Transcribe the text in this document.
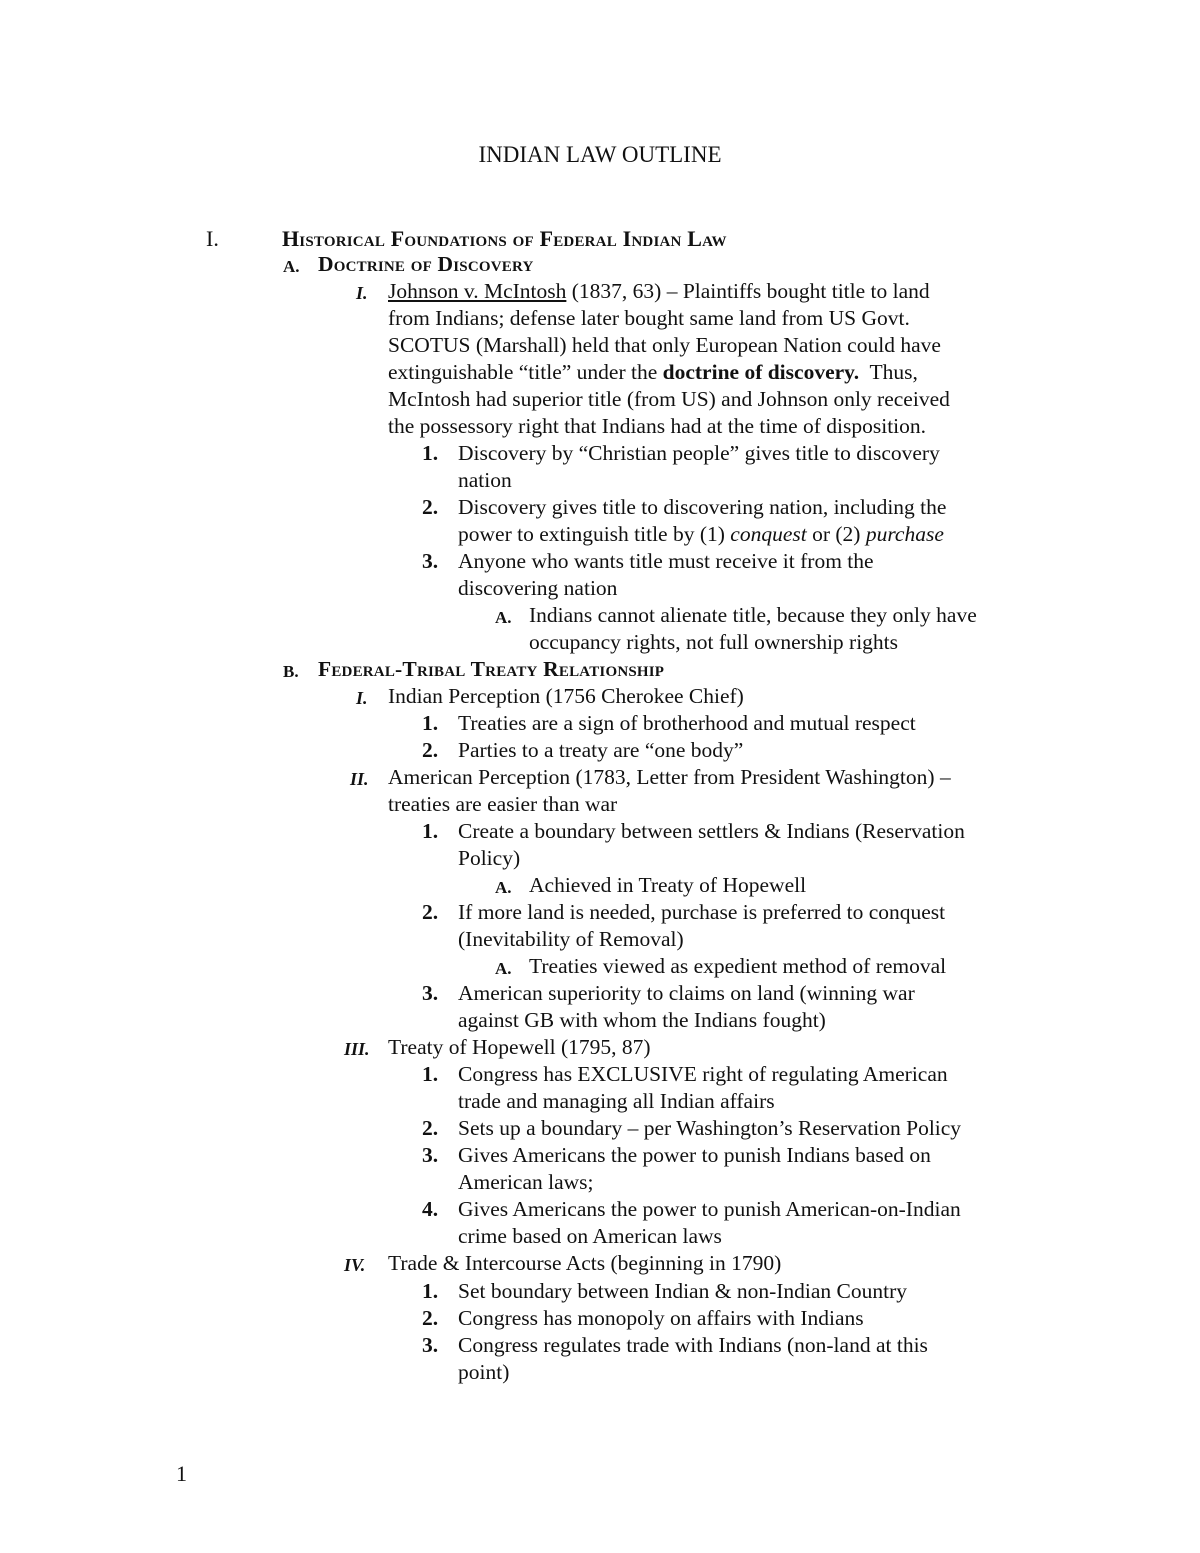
INDIAN LAW OUTLINE
I.	Historical Foundations of Federal Indian Law
A. Doctrine of Discovery
I. Johnson v. McIntosh (1837, 63) – Plaintiffs bought title to land
from Indians; defense later bought same land from US Govt.
SCOTUS (Marshall) held that only European Nation could have
extinguishable “title” under the doctrine of discovery.  Thus,
McIntosh had superior title (from US) and Johnson only received
the possessory right that Indians had at the time of disposition.
1. Discovery by “Christian people” gives title to discovery
nation
2. Discovery gives title to discovering nation, including the
power to extinguish title by (1) conquest or (2) purchase
3. Anyone who wants title must receive it from the
discovering nation
A. Indians cannot alienate title, because they only have
occupancy rights, not full ownership rights
B. Federal-Tribal Treaty Relationship
I. Indian Perception (1756 Cherokee Chief)
1. Treaties are a sign of brotherhood and mutual respect
2. Parties to a treaty are “one body”
II. American Perception (1783, Letter from President Washington) –
treaties are easier than war
1. Create a boundary between settlers & Indians (Reservation
Policy)
A. Achieved in Treaty of Hopewell
2. If more land is needed, purchase is preferred to conquest
(Inevitability of Removal)
A. Treaties viewed as expedient method of removal
3. American superiority to claims on land (winning war
against GB with whom the Indians fought)
III. Treaty of Hopewell (1795, 87)
1. Congress has EXCLUSIVE right of regulating American
trade and managing all Indian affairs
2. Sets up a boundary – per Washington’s Reservation Policy
3. Gives Americans the power to punish Indians based on
American laws;
4. Gives Americans the power to punish American-on-Indian
crime based on American laws
IV. Trade & Intercourse Acts (beginning in 1790)
1. Set boundary between Indian & non-Indian Country
2. Congress has monopoly on affairs with Indians
3. Congress regulates trade with Indians (non-land at this
point)
1
